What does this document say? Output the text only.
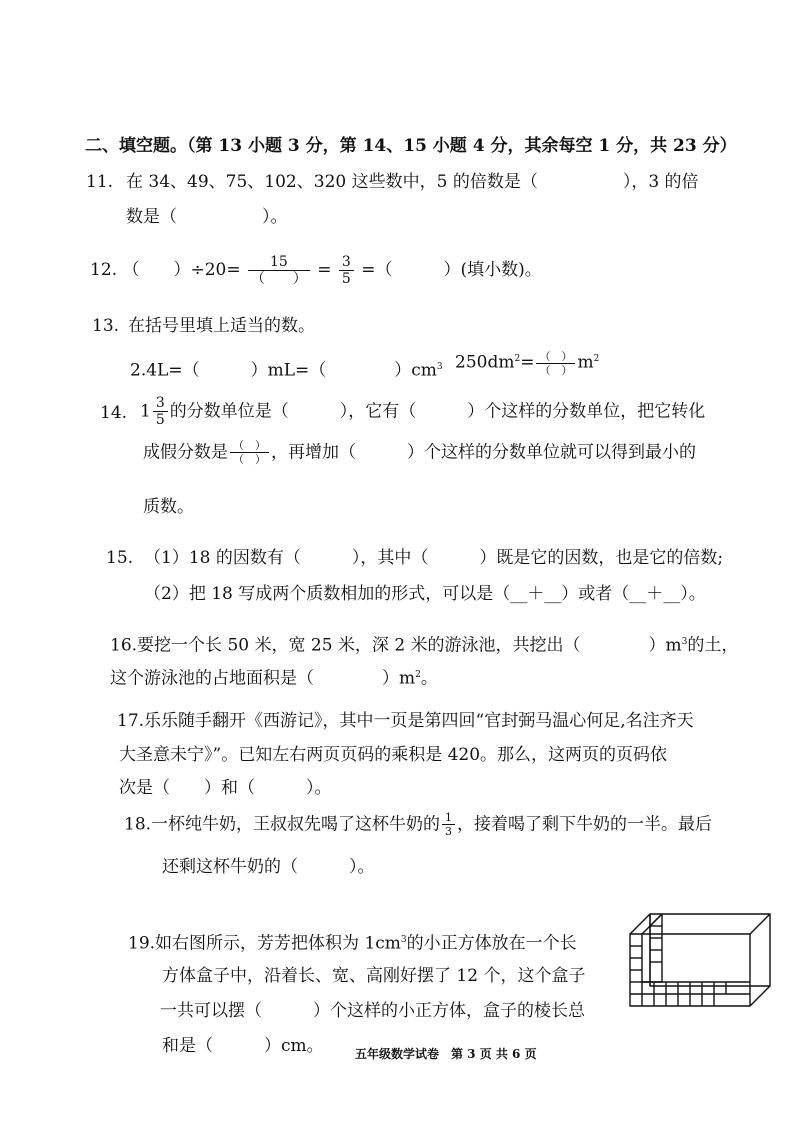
二、填空题。（第 13 小题 3 分，第 14、15 小题 4 分，其余每空 1 分，共 23 分）
11. 在 34、49、75、102、320 这些数中，5 的倍数是（　　　　　），3 的倍
数是（　　　　　）。
12. （　　）$\div 20= \frac{15}{( )} = \frac{3}{5}$ =（　　　）(填小数)。
13. 在括号里填上适当的数。
2.4L=（　　　）mL=（　　　　）$cm^3$ $250dm^2= \frac{( )}{( )} m^2$
14. $1 \frac{3}{5}$ 的分数单位是（　　　），它有（　　　）个这样的分数单位，把它转化
成假分数是 $\frac{( )}{( )}$ ，再增加（　　　）个这样的分数单位就可以得到最小的
质数。
15. （1）18 的因数有（　　　），其中（　　　）既是它的因数，也是它的倍数;
（2）把 18 写成两个质数相加的形式，可以是（__＋__）或者（__＋__）。
16.要挖一个长 50 米，宽 25 米，深 2 米的游泳池，共挖出（　　　　）$m^3$的土，
这个游泳池的占地面积是（　　　　）$m^2$。
17.乐乐随手翻开《西游记》，其中一页是第四回“官封弼马温心何足,名注齐天
大圣意未宁》”。已知左右两页页码的乘积是 420。那么，这两页的页码依
次是（　　）和（　　　）。
18.一杯纯牛奶，王叔叔先喝了这杯牛奶的 $\frac{1}{3}$ ，接着喝了剩下牛奶的一半。最后
还剩这杯牛奶的（　　　）。
19.如右图所示，芳芳把体积为 $1cm^3$的小正方体放在一个长
方体盒子中，沿着长、宽、高刚好摆了 12 个，这个盒子
一共可以摆（　　　）个这样的小正方体，盒子的棱长总
和是（　　　）cm。	五年级数学试卷　第 3 页 共 6 页
